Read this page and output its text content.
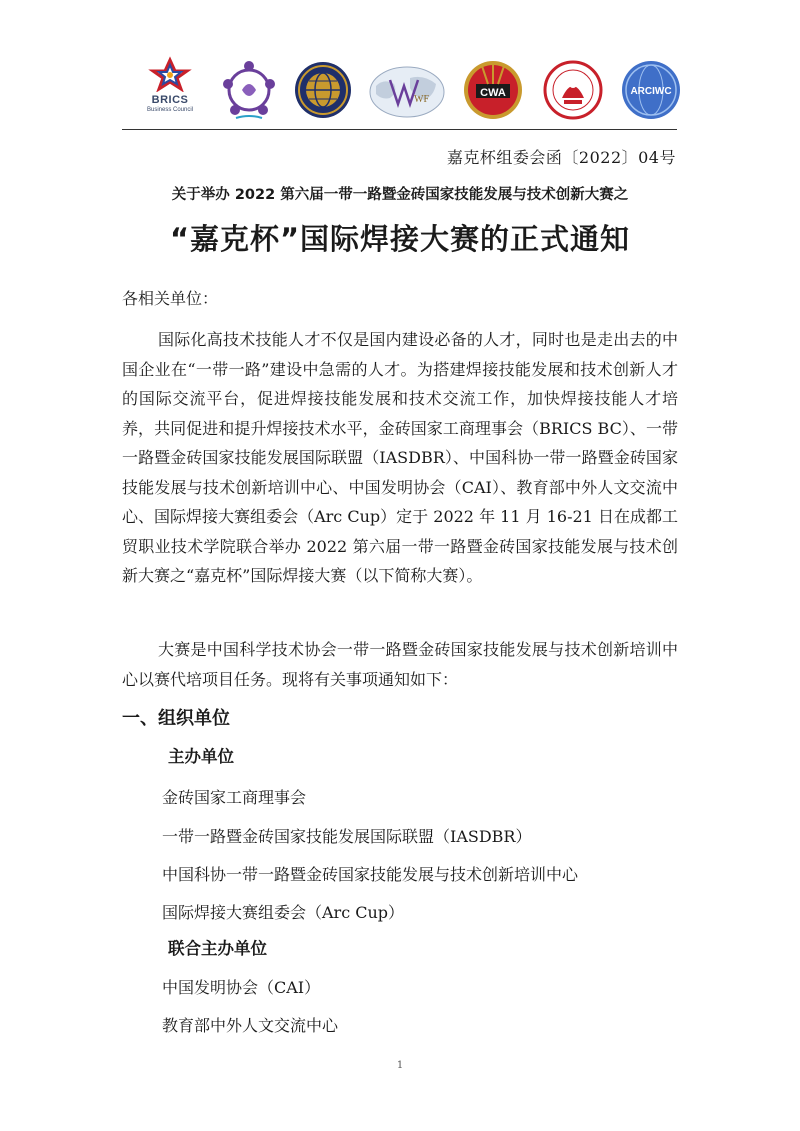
BRICS
Business Council
WF
CWA	ARCIWC
嘉克杯组委会函〔2022〕04号
关于举办 2022 第六届一带一路暨金砖国家技能发展与技术创新大赛之
“嘉克杯”国际焊接大赛的正式通知
各相关单位：
国际化高技术技能人才不仅是国内建设必备的人才，同时也是走出去的中国企业在“一带一路”建设中急需的人才。为搭建焊接技能发展和技术创新人才的国际交流平台，促进焊接技能发展和技术交流工作，加快焊接技能人才培养，共同促进和提升焊接技术水平，金砖国家工商理事会（BRICS BC）、一带一路暨金砖国家技能发展国际联盟（IASDBR）、中国科协一带一路暨金砖国家技能发展与技术创新培训中心、中国发明协会（CAI）、教育部中外人文交流中心、国际焊接大赛组委会（Arc Cup）定于 2022 年 11 月 16-21 日在成都工贸职业技术学院联合举办 2022 第六届一带一路暨金砖国家技能发展与技术创新大赛之“嘉克杯”国际焊接大赛（以下简称大赛）。
大赛是中国科学技术协会一带一路暨金砖国家技能发展与技术创新培训中心以赛代培项目任务。现将有关事项通知如下：
一、组织单位
主办单位
金砖国家工商理事会
一带一路暨金砖国家技能发展国际联盟（IASDBR）
中国科协一带一路暨金砖国家技能发展与技术创新培训中心
国际焊接大赛组委会（Arc Cup）
联合主办单位
中国发明协会（CAI）
教育部中外人文交流中心
1
